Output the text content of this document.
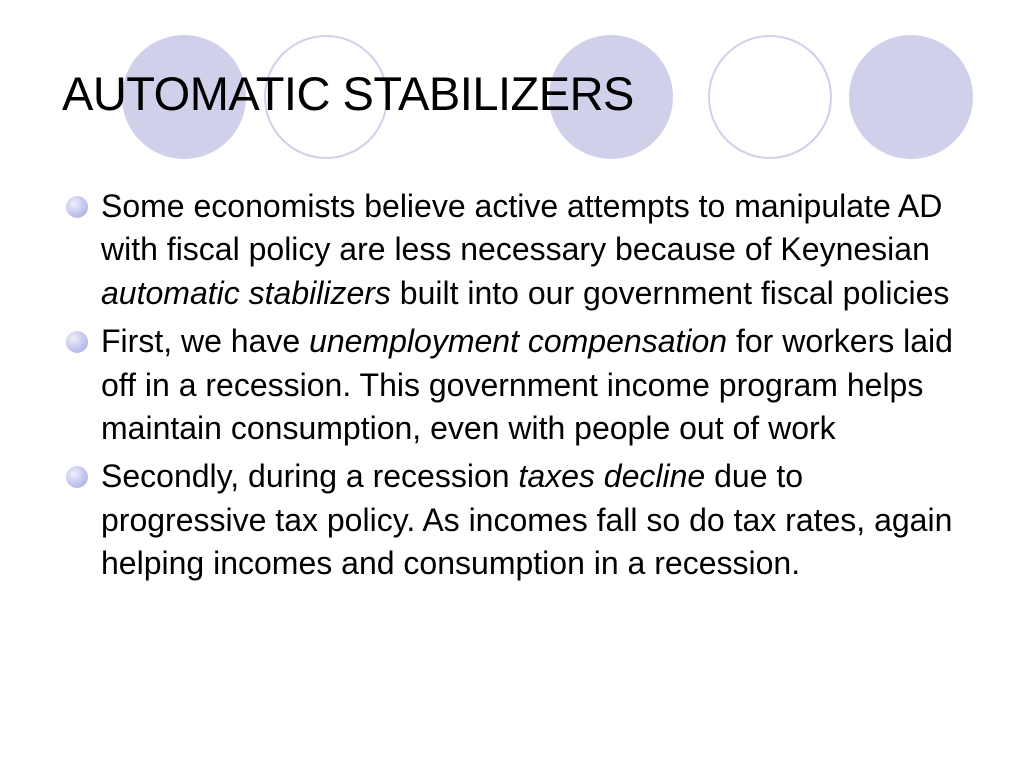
AUTOMATIC STABILIZERS
Some economists believe active attempts to manipulate AD with fiscal policy are less necessary because of Keynesian automatic stabilizers built into our government fiscal policies
First, we have unemployment compensation for workers laid off in a recession. This government income program helps maintain consumption, even with people out of work
Secondly, during a recession taxes decline due to progressive tax policy. As incomes fall so do tax rates, again helping incomes and consumption in a recession.
